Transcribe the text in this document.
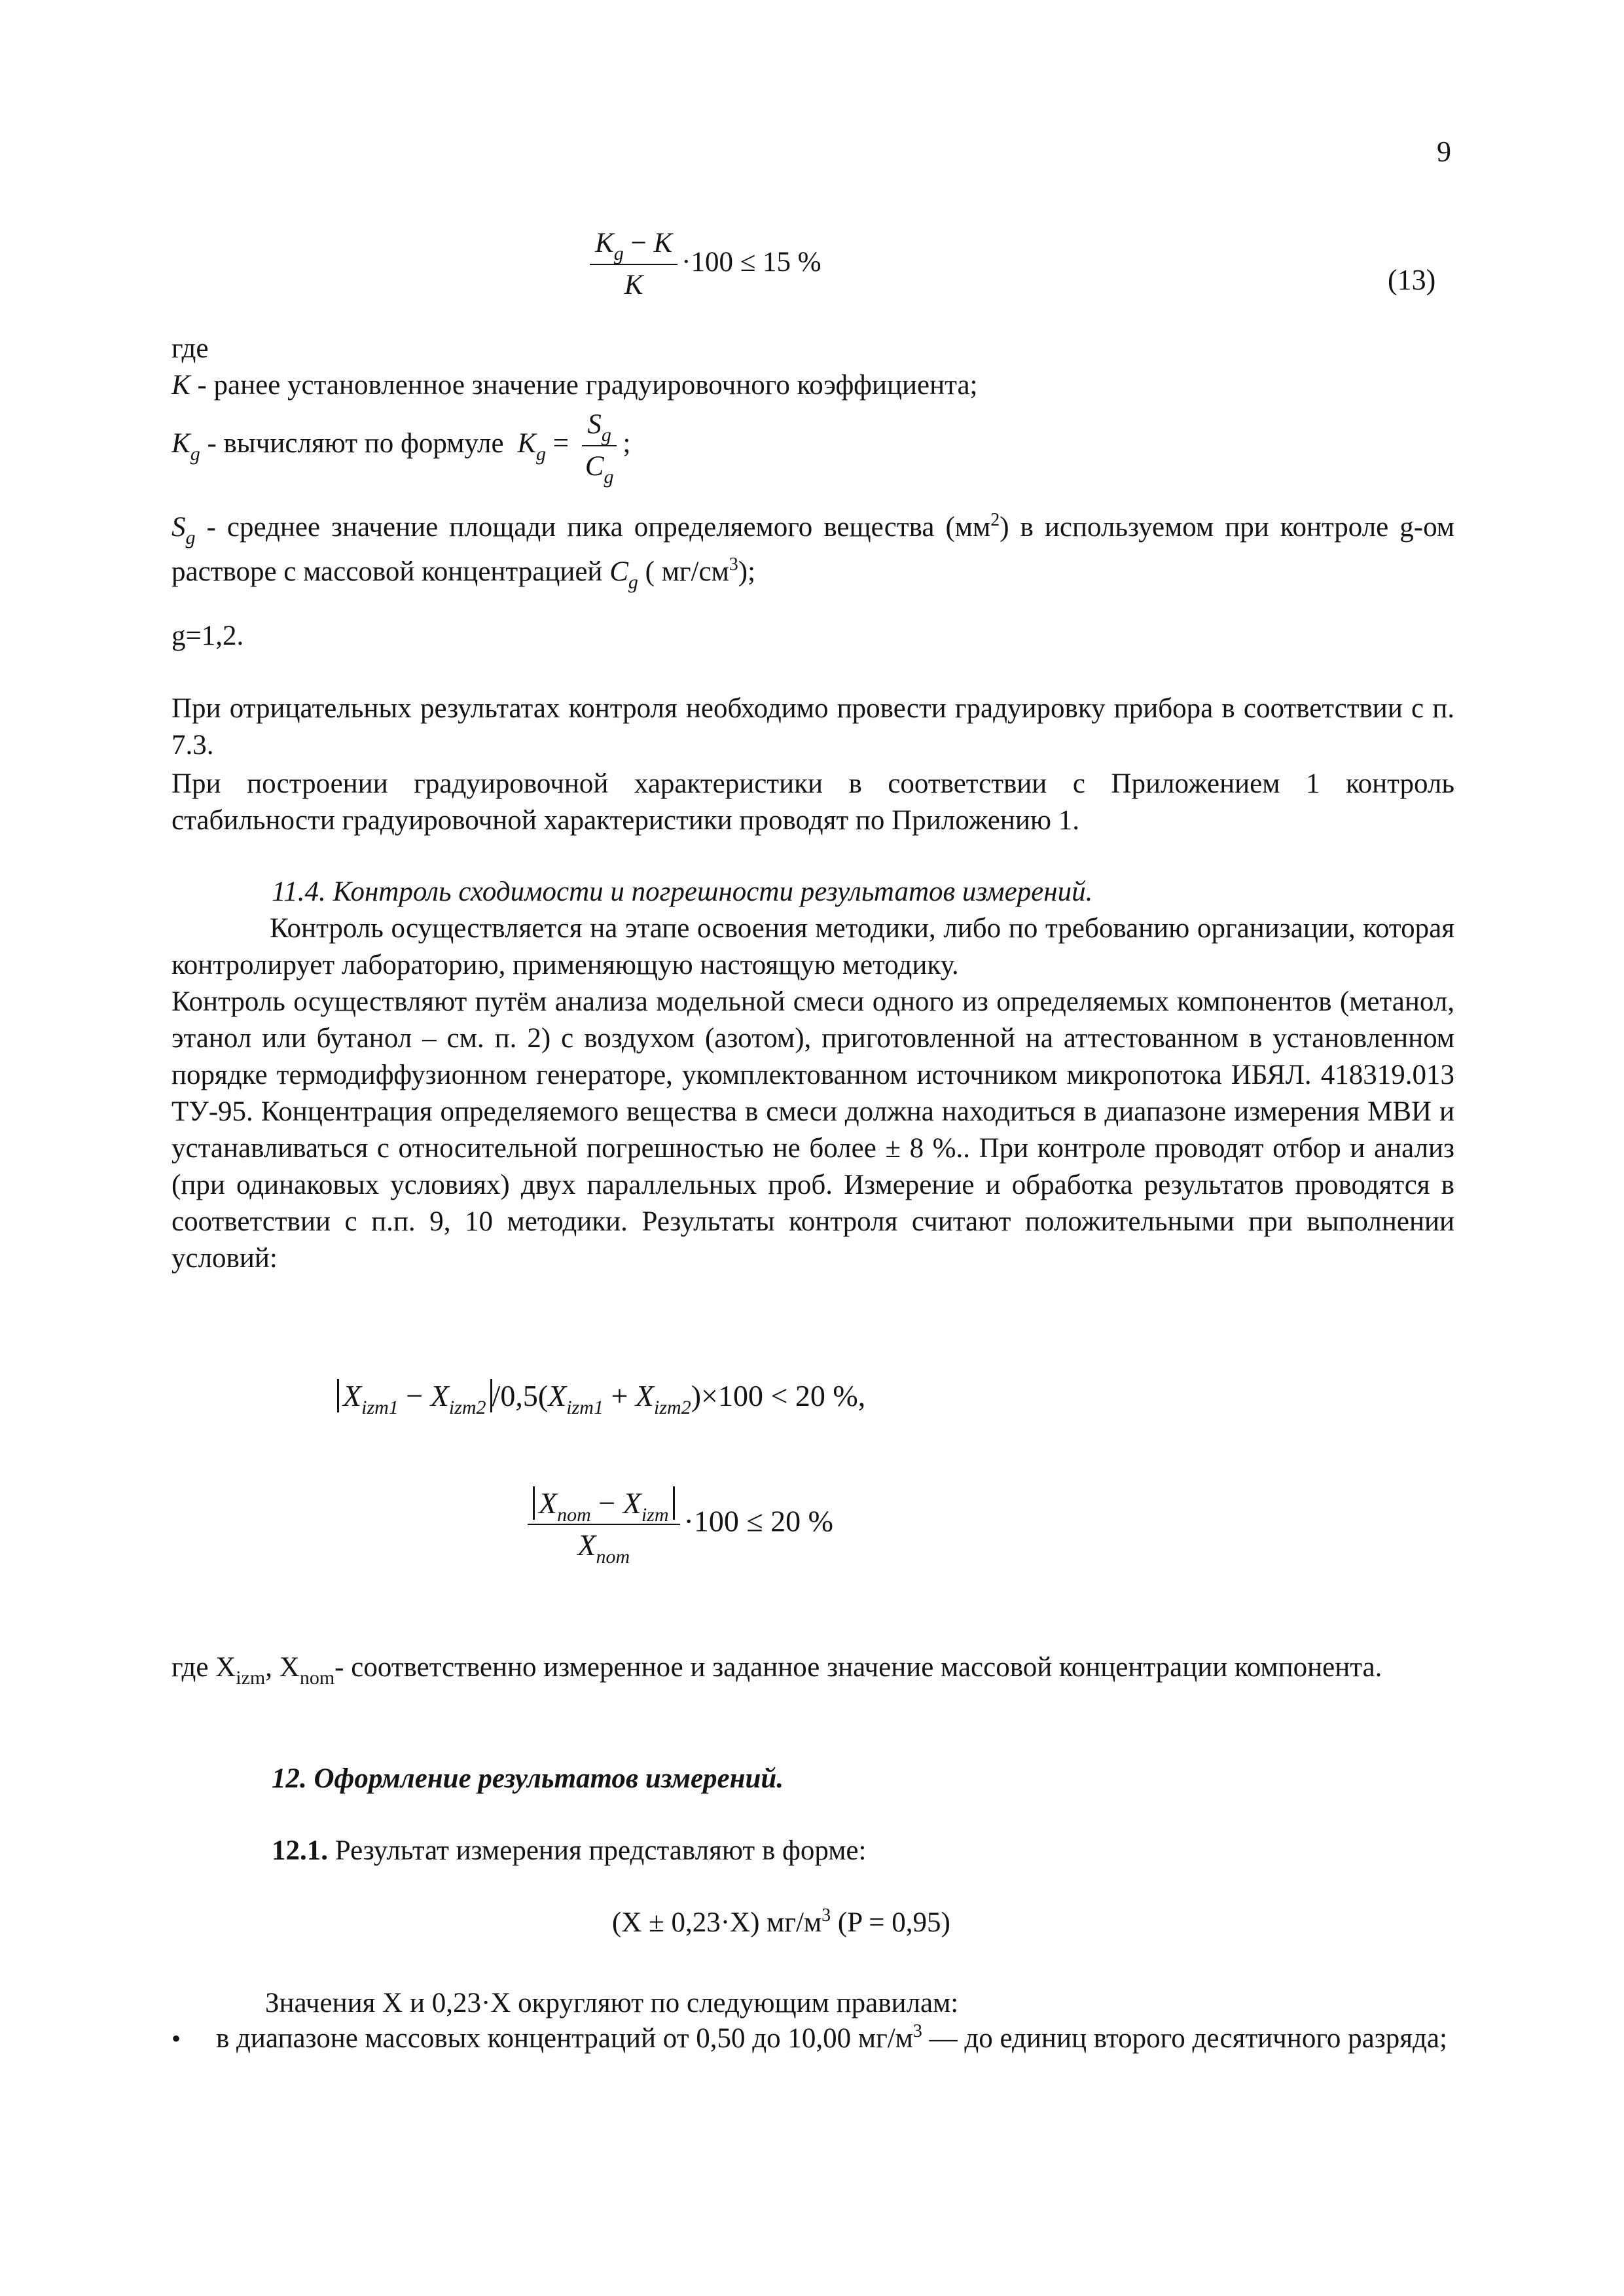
9
$\frac{K_g - K}{K} \cdot 100 \le 15$ %
(13)
где
K - ранее установленное значение градуировочного коэффициента;
$K_g$ - вычисляют по формуле $K_g = \frac{S_g}{C_g}$ ;
$S_g$ - среднее значение площади пика определяемого вещества $(мм^2)$ в используемом при контроле g-ом растворе с массовой концентрацией $C_g$ ( $мг/см^3$);
g=1,2.
При отрицательных результатах контроля необходимо провести градуировку прибора в соответствии с п. 7.3.
При построении градуировочной характеристики в соответствии с Приложением 1 контроль стабильности градуировочной характеристики проводят по Приложению 1.
11.4. Контроль сходимости и погрешности результатов измерений.
Контроль осуществляется на этапе освоения методики, либо по требованию организации, которая контролирует лабораторию, применяющую настоящую методику.
Контроль осуществляют путём анализа модельной смеси одного из определяемых компонентов (метанол, этанол или бутанол – см. п. 2) с воздухом (азотом), приготовленной на аттестованном в установленном порядке термодиффузионном генераторе, укомплектованном источником микропотока ИБЯЛ. 418319.013 ТУ-95. Концентрация определяемого вещества в смеси должна находиться в диапазоне измерения МВИ и устанавливаться с относительной погрешностью не более ± 8 %.. При контроле проводят отбор и анализ (при одинаковых условиях) двух параллельных проб. Измерение и обработка результатов проводятся в соответствии с п.п. 9, 10 методики. Результаты контроля считают положительными при выполнении условий:
$X_{izm1} - X_{izm2}$ $/0,5(X_{izm1} + X_{izm2})\times 100 < 20$ %,
$\frac{X_{nom} - X_{izm}}{X_{nom}} \cdot 100 \le 20$ %
где $X_{izm}$, $X_{nom}-$ соответственно измеренное и заданное значение массовой концентрации компонента.
12. Оформление результатов измерений.
12.1. Результат измерения представляют в форме:
(X ± 0,23·X) $мг/м^3$ (P = 0,95)
Значения X и 0,23·X округляют по следующим правилам:
• в диапазоне массовых концентраций от 0,50 до 10,00 $мг/м^3$ — до единиц второго десятичного разряда;
